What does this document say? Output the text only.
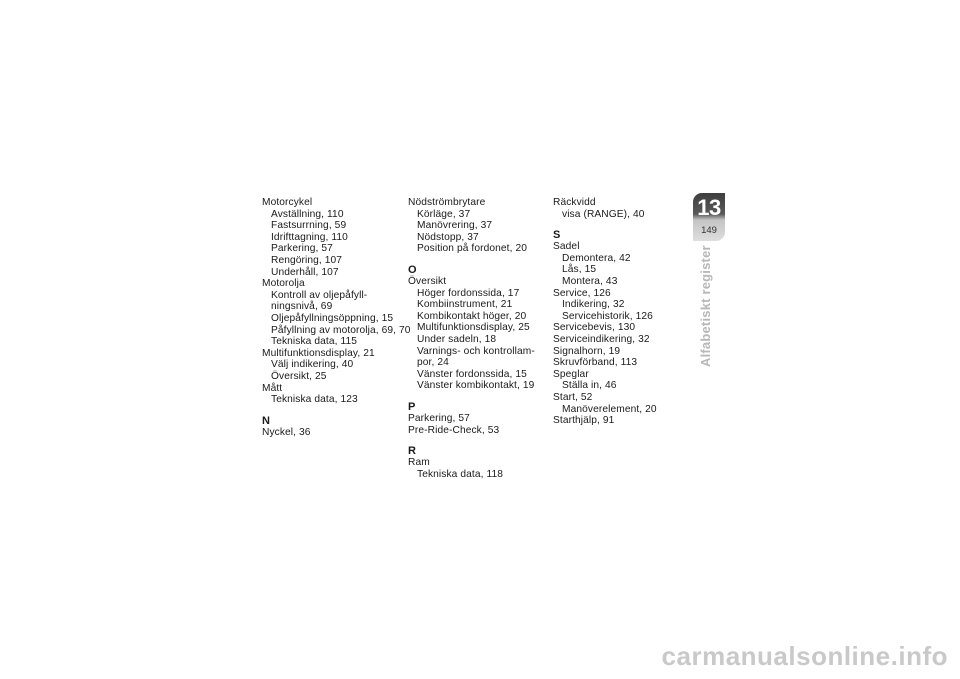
Motorcykel
Avställning, 110
Fastsurrning, 59
Idrifttagning, 110
Parkering, 57
Rengöring, 107
Underhåll, 107
Motorolja
Kontroll av oljepåfyll-
ningsnivå, 69
Oljepåfyllningsöppning, 15
Påfyllning av motorolja, 69, 70
Tekniska data, 115
Multifunktionsdisplay, 21
Välj indikering, 40
Översikt, 25
Mått
Tekniska data, 123
N
Nyckel, 36
Nödströmbrytare
Körläge, 37
Manövrering, 37
Nödstopp, 37
Position på fordonet, 20
O
Översikt
Höger fordonssida, 17
Kombiinstrument, 21
Kombikontakt höger, 20
Multifunktionsdisplay, 25
Under sadeln, 18
Varnings- och kontrollam-
por, 24
Vänster fordonssida, 15
Vänster kombikontakt, 19
P
Parkering, 57
Pre-Ride-Check, 53
R
Ram
Tekniska data, 118
Räckvidd
visa (RANGE), 40
S
Sadel
Demontera, 42
Lås, 15
Montera, 43
Service, 126
Indikering, 32
Servicehistorik, 126
Servicebevis, 130
Serviceindikering, 32
Signalhorn, 19
Skruvförband, 113
Speglar
Ställa in, 46
Start, 52
Manöverelement, 20
Starthjälp, 91
13
149
Alfabetiskt register
carmanualsonline.info
